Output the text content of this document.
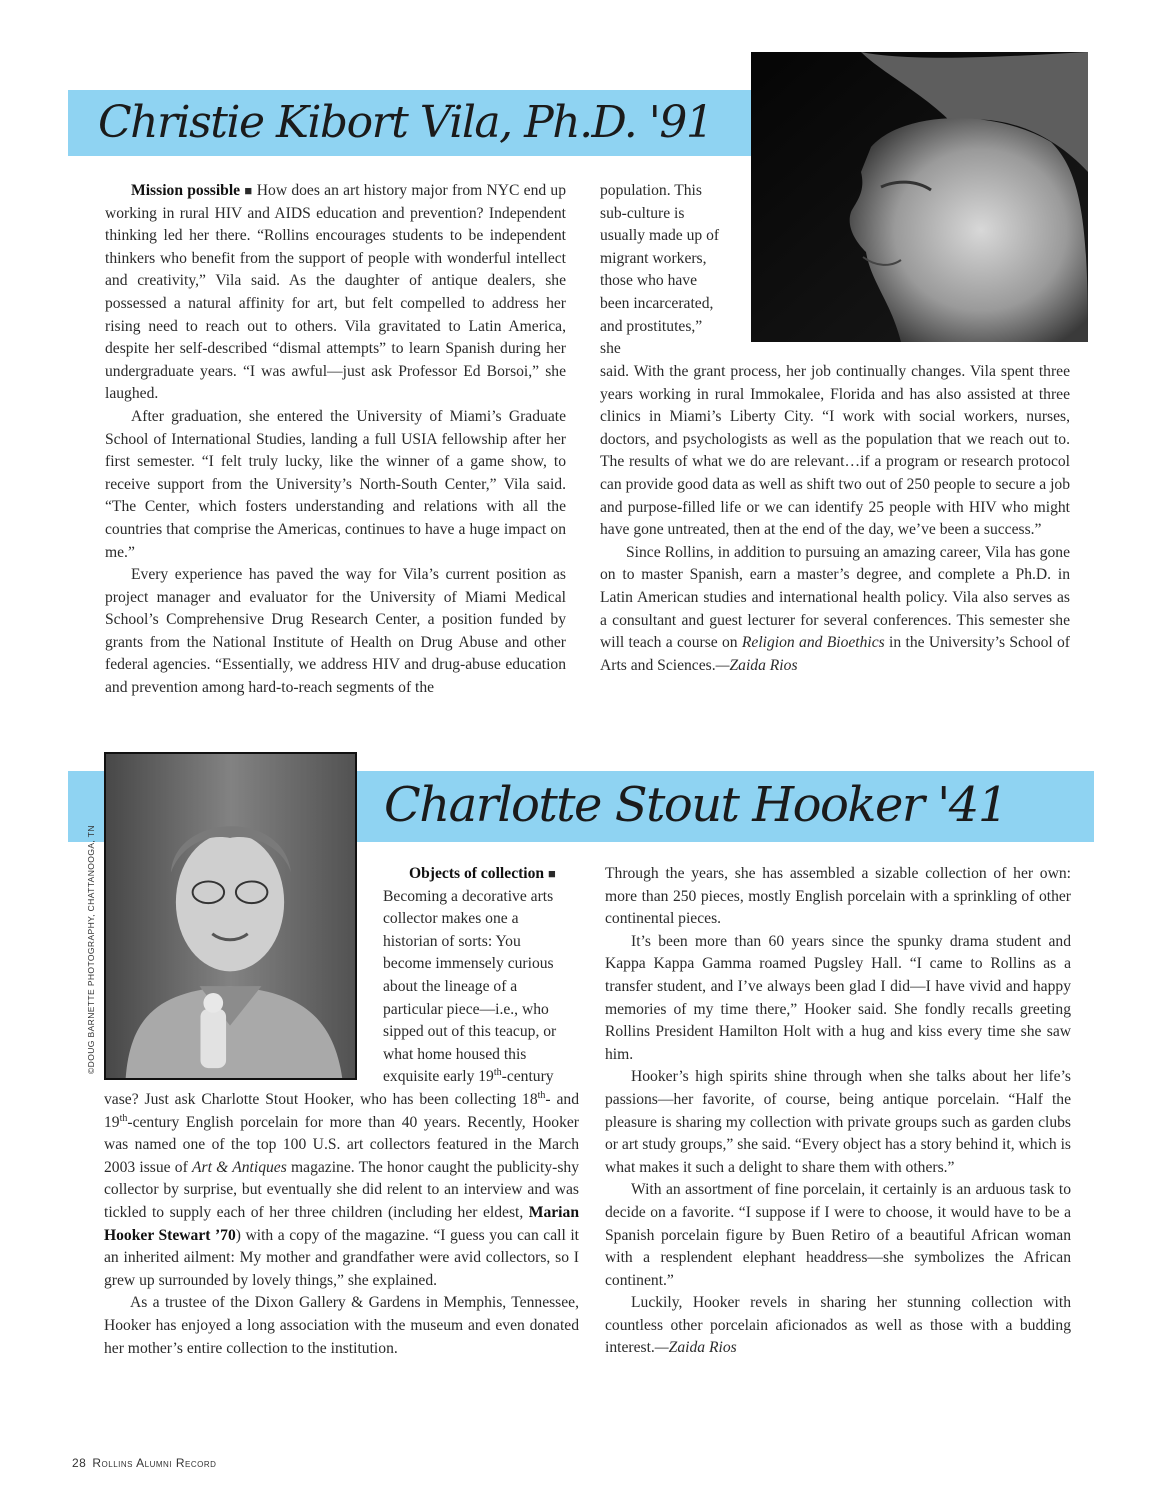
Christie Kibort Vila, Ph.D. '91

Mission possible ■ How does an art history major from NYC end up working in rural HIV and AIDS education and prevention? Independent thinking led her there. “Rollins encourages students to be independent thinkers who benefit from the support of people with wonderful intellect and creativity,” Vila said. As the daughter of antique dealers, she possessed a natural affinity for art, but felt compelled to address her rising need to reach out to others. Vila gravitated to Latin America, despite her self-described “dismal attempts” to learn Spanish during her undergraduate years. “I was awful—just ask Professor Ed Borsoi,” she laughed.

After graduation, she entered the University of Miami’s Graduate School of International Studies, landing a full USIA fellowship after her first semester. “I felt truly lucky, like the winner of a game show, to receive support from the University’s North-South Center,” Vila said. “The Center, which fosters understanding and relations with all the countries that comprise the Americas, continues to have a huge impact on me.”

Every experience has paved the way for Vila’s current position as project manager and evaluator for the University of Miami Medical School’s Comprehensive Drug Research Center, a position funded by grants from the National Institute of Health on Drug Abuse and other federal agencies. “Essentially, we address HIV and drug-abuse education and prevention among hard-to-reach segments of the

population. This sub-culture is usually made up of migrant workers, those who have been incarcerated, and prostitutes,” she

said. With the grant process, her job continually changes. Vila spent three years working in rural Immokalee, Florida and has also assisted at three clinics in Miami’s Liberty City. “I work with social workers, nurses, doctors, and psychologists as well as the population that we reach out to. The results of what we do are relevant…if a program or research protocol can provide good data as well as shift two out of 250 people to secure a job and purpose-filled life or we can identify 25 people with HIV who might have gone untreated, then at the end of the day, we’ve been a success.”

Since Rollins, in addition to pursuing an amazing career, Vila has gone on to master Spanish, earn a master’s degree, and complete a Ph.D. in Latin American studies and international health policy. Vila also serves as a consultant and guest lecturer for several conferences. This semester she will teach a course on Religion and Bioethics in the University’s School of Arts and Sciences.—Zaida Rios

©DOUG BARNETTE PHOTOGRAPHY, CHATTANOOGA, TN
Charlotte Stout Hooker '41

Objects of collection ■

Becoming a decorative arts collector makes one a historian of sorts: You become immensely curious about the lineage of a particular piece—i.e., who sipped out of this teacup, or what home housed this exquisite early 19th-century

vase? Just ask Charlotte Stout Hooker, who has been collecting 18th- and 19th-century English porcelain for more than 40 years. Recently, Hooker was named one of the top 100 U.S. art collectors featured in the March 2003 issue of Art & Antiques magazine. The honor caught the publicity-shy collector by surprise, but eventually she did relent to an interview and was tickled to supply each of her three children (including her eldest, Marian Hooker Stewart ’70) with a copy of the magazine. “I guess you can call it an inherited ailment: My mother and grandfather were avid collectors, so I grew up surrounded by lovely things,” she explained.

As a trustee of the Dixon Gallery & Gardens in Memphis, Tennessee, Hooker has enjoyed a long association with the museum and even donated her mother’s entire collection to the institution.

Through the years, she has assembled a sizable collection of her own: more than 250 pieces, mostly English porcelain with a sprinkling of other continental pieces.

It’s been more than 60 years since the spunky drama student and Kappa Kappa Gamma roamed Pugsley Hall. “I came to Rollins as a transfer student, and I’ve always been glad I did—I have vivid and happy memories of my time there,” Hooker said. She fondly recalls greeting Rollins President Hamilton Holt with a hug and kiss every time she saw him.

Hooker’s high spirits shine through when she talks about her life’s passions—her favorite, of course, being antique porcelain. “Half the pleasure is sharing my collection with private groups such as garden clubs or art study groups,” she said. “Every object has a story behind it, which is what makes it such a delight to share them with others.”

With an assortment of fine porcelain, it certainly is an arduous task to decide on a favorite. “I suppose if I were to choose, it would have to be a Spanish porcelain figure by Buen Retiro of a beautiful African woman with a resplendent elephant headdress—she symbolizes the African continent.”

Luckily, Hooker revels in sharing her stunning collection with countless other porcelain aficionados as well as those with a budding interest.—Zaida Rios

28 Rollins Alumni Record
